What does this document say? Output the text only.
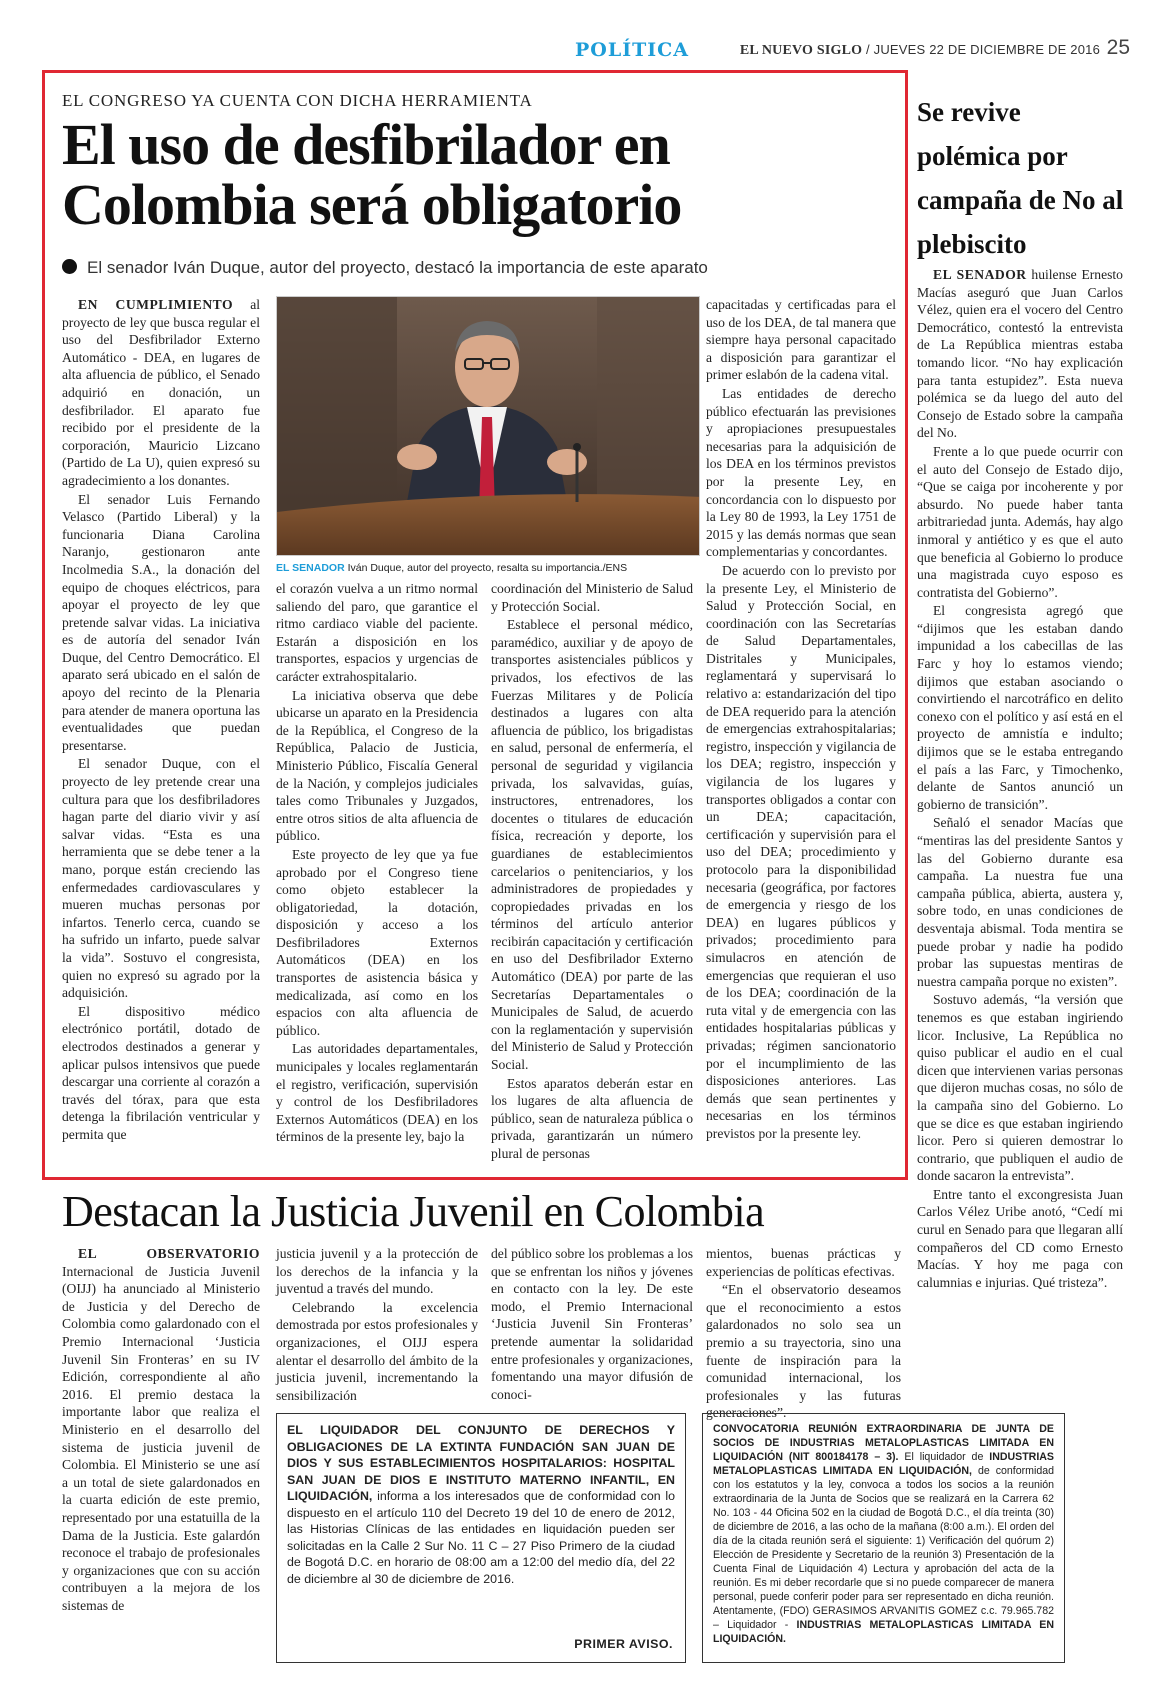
POLÍTICA	EL NUEVO SIGLO / JUEVES 22 DE DICIEMBRE DE 2016 25
EL CONGRESO YA CUENTA CON DICHA HERRAMIENTA
El uso de desfibrilador en Colombia será obligatorio
El senador Iván Duque, autor del proyecto, destacó la importancia de este aparato

EN CUMPLIMIENTO al proyecto de ley que busca regular el uso del Desfibrilador Externo Automático - DEA, en lugares de alta afluencia de público, el Senado adquirió en donación, un desfibrilador. El aparato fue recibido por el presidente de la corporación, Mauricio Lizcano (Partido de La U), quien expresó su agradecimiento a los donantes.

El senador Luis Fernando Velasco (Partido Liberal) y la funcionaria Diana Carolina Naranjo, gestionaron ante Incolmedia S.A., la donación del equipo de choques eléctricos, para apoyar el proyecto de ley que pretende salvar vidas. La iniciativa es de autoría del senador Iván Duque, del Centro Democrático. El aparato será ubicado en el salón de apoyo del recinto de la Plenaria para atender de manera oportuna las eventualidades que puedan presentarse.

El senador Duque, con el proyecto de ley pretende crear una cultura para que los desfibriladores hagan parte del diario vivir y así salvar vidas. “Esta es una herramienta que se debe tener a la mano, porque están creciendo las enfermedades cardiovasculares y mueren muchas personas por infartos. Tenerlo cerca, cuando se ha sufrido un infarto, puede salvar la vida”. Sostuvo el congresista, quien no expresó su agrado por la adquisición.

El dispositivo médico electrónico portátil, dotado de electrodos destinados a generar y aplicar pulsos intensivos que puede descargar una corriente al corazón a través del tórax, para que esta detenga la fibrilación ventricular y permita que

EL SENADOR Iván Duque, autor del proyecto, resalta su importancia./ENS

el corazón vuelva a un ritmo normal saliendo del paro, que garantice el ritmo cardiaco viable del paciente. Estarán a disposición en los transportes, espacios y urgencias de carácter extrahospitalario.

La iniciativa observa que debe ubicarse un aparato en la Presidencia de la República, el Congreso de la República, Palacio de Justicia, Ministerio Público, Fiscalía General de la Nación, y complejos judiciales tales como Tribunales y Juzgados, entre otros sitios de alta afluencia de público.

Este proyecto de ley que ya fue aprobado por el Congreso tiene como objeto establecer la obligatoriedad, la dotación, disposición y acceso a los Desfibriladores Externos Automáticos (DEA) en los transportes de asistencia básica y medicalizada, así como en los espacios con alta afluencia de público.

Las autoridades departamentales, municipales y locales reglamentarán el registro, verificación, supervisión y control de los Desfibriladores Externos Automáticos (DEA) en los términos de la presente ley, bajo la

coordinación del Ministerio de Salud y Protección Social.

Establece el personal médico, paramédico, auxiliar y de apoyo de transportes asistenciales públicos y privados, los efectivos de las Fuerzas Militares y de Policía destinados a lugares con alta afluencia de público, los brigadistas en salud, personal de enfermería, el personal de seguridad y vigilancia privada, los salvavidas, guías, instructores, entrenadores, los docentes o titulares de educación física, recreación y deporte, los guardianes de establecimientos carcelarios o penitenciarios, y los administradores de propiedades y copropiedades privadas en los términos del artículo anterior recibirán capacitación y certificación en uso del Desfibrilador Externo Automático (DEA) por parte de las Secretarías Departamentales o Municipales de Salud, de acuerdo con la reglamentación y supervisión del Ministerio de Salud y Protección Social.

Estos aparatos deberán estar en los lugares de alta afluencia de público, sean de naturaleza pública o privada, garantizarán un número plural de personas

capacitadas y certificadas para el uso de los DEA, de tal manera que siempre haya personal capacitado a disposición para garantizar el primer eslabón de la cadena vital.

Las entidades de derecho público efectuarán las previsiones y apropiaciones presupuestales necesarias para la adquisición de los DEA en los términos previstos por la presente Ley, en concordancia con lo dispuesto por la Ley 80 de 1993, la Ley 1751 de 2015 y las demás normas que sean complementarias y concordantes.

De acuerdo con lo previsto por la presente Ley, el Ministerio de Salud y Protección Social, en coordinación con las Secretarías de Salud Departamentales, Distritales y Municipales, reglamentará y supervisará lo relativo a: estandarización del tipo de DEA requerido para la atención de emergencias extrahospitalarias; registro, inspección y vigilancia de los DEA; registro, inspección y vigilancia de los lugares y transportes obligados a contar con un DEA; capacitación, certificación y supervisión para el uso del DEA; procedimiento y protocolo para la disponibilidad necesaria (geográfica, por factores de emergencia y riesgo de los DEA) en lugares públicos y privados; procedimiento para simulacros en atención de emergencias que requieran el uso de los DEA; coordinación de la ruta vital y de emergencia con las entidades hospitalarias públicas y privadas; régimen sancionatorio por el incumplimiento de las disposiciones anteriores. Las demás que sean pertinentes y necesarias en los términos previstos por la presente ley.

Se revive polémica por campaña de No al plebiscito

EL SENADOR huilense Ernesto Macías aseguró que Juan Carlos Vélez, quien era el vocero del Centro Democrático, contestó la entrevista de La República mientras estaba tomando licor. “No hay explicación para tanta estupidez”. Esta nueva polémica se da luego del auto del Consejo de Estado sobre la campaña del No.

Frente a lo que puede ocurrir con el auto del Consejo de Estado dijo, “Que se caiga por incoherente y por absurdo. No puede haber tanta arbitrariedad junta. Además, hay algo inmoral y antiético y es que el auto que beneficia al Gobierno lo produce una magistrada cuyo esposo es contratista del Gobierno”.

El congresista agregó que “dijimos que les estaban dando impunidad a los cabecillas de las Farc y hoy lo estamos viendo; dijimos que estaban asociando o convirtiendo el narcotráfico en delito conexo con el político y así está en el proyecto de amnistía e indulto; dijimos que se le estaba entregando el país a las Farc, y Timochenko, delante de Santos anunció un gobierno de transición”.

Señaló el senador Macías que “mentiras las del presidente Santos y las del Gobierno durante esa campaña. La nuestra fue una campaña pública, abierta, austera y, sobre todo, en unas condiciones de desventaja abismal. Toda mentira se puede probar y nadie ha podido probar las supuestas mentiras de nuestra campaña porque no existen”.

Sostuvo además, “la versión que tenemos es que estaban ingiriendo licor. Inclusive, La República no quiso publicar el audio en el cual dicen que intervienen varias personas que dijeron muchas cosas, no sólo de la campaña sino del Gobierno. Lo que se dice es que estaban ingiriendo licor. Pero si quieren demostrar lo contrario, que publiquen el audio de donde sacaron la entrevista”.

Entre tanto el excongresista Juan Carlos Vélez Uribe anotó, “Cedí mi curul en Senado para que llegaran allí compañeros del CD como Ernesto Macías. Y hoy me paga con calumnias e injurias. Qué tristeza”.

Destacan la Justicia Juvenil en Colombia

EL OBSERVATORIO Internacional de Justicia Juvenil (OIJJ) ha anunciado al Ministerio de Justicia y del Derecho de Colombia como galardonado con el Premio Internacional ‘Justicia Juvenil Sin Fronteras’ en su IV Edición, correspondiente al año 2016. El premio destaca la importante labor que realiza el Ministerio en el desarrollo del sistema de justicia juvenil de Colombia. El Ministerio se une así a un total de siete galardonados en la cuarta edición de este premio, representado por una estatuilla de la Dama de la Justicia. Este galardón reconoce el trabajo de profesionales y organizaciones que con su acción contribuyen a la mejora de los sistemas de

justicia juvenil y a la protección de los derechos de la infancia y la juventud a través del mundo.

Celebrando la excelencia demostrada por estos profesionales y organizaciones, el OIJJ espera alentar el desarrollo del ámbito de la justicia juvenil, incrementando la sensibilización

del público sobre los problemas a los que se enfrentan los niños y jóvenes en contacto con la ley. De este modo, el Premio Internacional ‘Justicia Juvenil Sin Fronteras’ pretende aumentar la solidaridad entre profesionales y organizaciones, fomentando una mayor difusión de conoci-

mientos, buenas prácticas y experiencias de políticas efectivas.

“En el observatorio deseamos que el reconocimiento a estos galardonados no solo sea un premio a su trayectoria, sino una fuente de inspiración para la comunidad internacional, los profesionales y las futuras generaciones”.

EL LIQUIDADOR DEL CONJUNTO DE DERECHOS Y OBLIGACIONES DE LA EXTINTA FUNDACIÓN SAN JUAN DE DIOS Y SUS ESTABLECIMIENTOS HOSPITALARIOS: HOSPITAL SAN JUAN DE DIOS E INSTITUTO MATERNO INFANTIL, EN LIQUIDACIÓN, informa a los interesados que de conformidad con lo dispuesto en el artículo 110 del Decreto 19 del 10 de enero de 2012, las Historias Clínicas de las entidades en liquidación pueden ser solicitadas en la Calle 2 Sur No. 11 C – 27 Piso Primero de la ciudad de Bogotá D.C. en horario de 08:00 am a 12:00 del medio día, del 22 de diciembre al 30 de diciembre de 2016.
PRIMER AVISO.
CONVOCATORIA REUNIÓN EXTRAORDINARIA DE JUNTA DE SOCIOS DE INDUSTRIAS METALOPLASTICAS LIMITADA EN LIQUIDACIÓN (NIT 800184178 – 3). El liquidador de INDUSTRIAS METALOPLASTICAS LIMITADA EN LIQUIDACIÓN, de conformidad con los estatutos y la ley, convoca a todos los socios a la reunión extraordinaria de la Junta de Socios que se realizará en la Carrera 62 No. 103 - 44 Oficina 502 en la ciudad de Bogotá D.C., el día treinta (30) de diciembre de 2016, a las ocho de la mañana (8:00 a.m.). El orden del día de la citada reunión será el siguiente: 1) Verificación del quórum 2) Elección de Presidente y Secretario de la reunión 3) Presentación de la Cuenta Final de Liquidación 4) Lectura y aprobación del acta de la reunión. Es mi deber recordarle que si no puede comparecer de manera personal, puede conferir poder para ser representado en dicha reunión. Atentamente, (FDO) GERASIMOS ARVANITIS GOMEZ c.c. 79.965.782 – Liquidador - INDUSTRIAS METALOPLASTICAS LIMITADA EN LIQUIDACIÓN.
